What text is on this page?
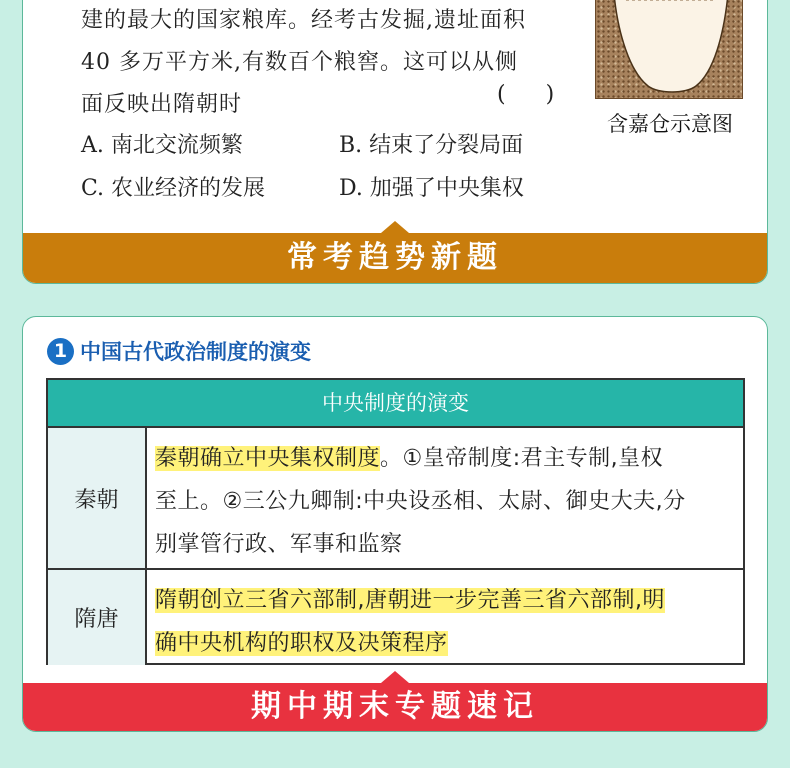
建的最大的国家粮库。经考古发掘,遗址面积
40 多万平方米,有数百个粮窖。这可以从侧
面反映出隋朝时	( )
A. 南北交流频繁	B. 结束了分裂局面
C. 农业经济的发展	D. 加强了中央集权
含嘉仓示意图
常考趋势新题
1 中国古代政治制度的演变
中央制度的演变
秦朝
秦朝确立中央集权制度。①皇帝制度:君主专制,皇权
至上。②三公九卿制:中央设丞相、太尉、御史大夫,分
别掌管行政、军事和监察
隋唐
隋朝创立三省六部制,唐朝进一步完善三省六部制,明
确中央机构的职权及决策程序
期中期末专题速记
